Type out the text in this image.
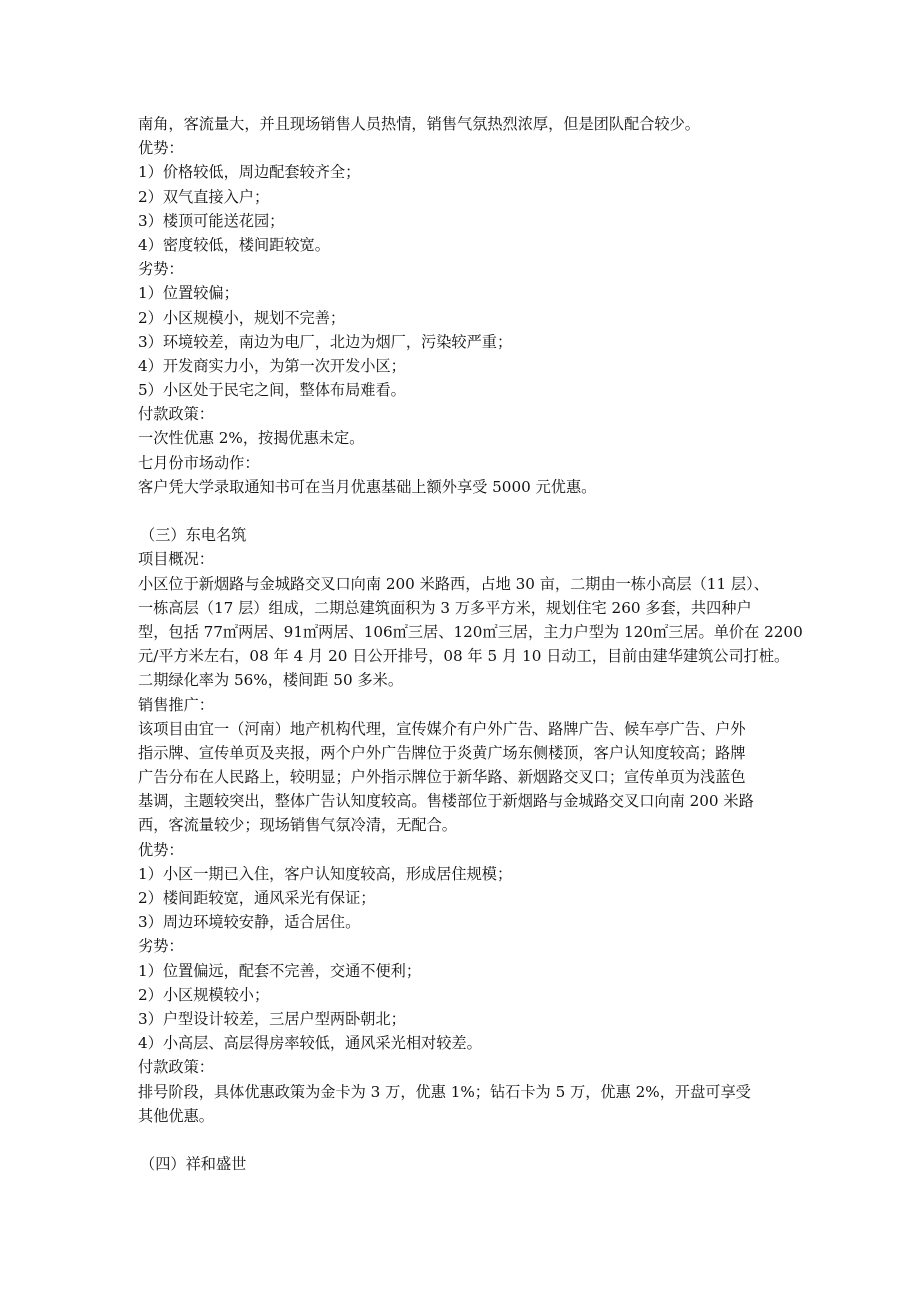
南角，客流量大，并且现场销售人员热情，销售气氛热烈浓厚，但是团队配合较少。
优势：
1）价格较低，周边配套较齐全；
2）双气直接入户；
3）楼顶可能送花园；
4）密度较低，楼间距较宽。
劣势：
1）位置较偏；
2）小区规模小，规划不完善；
3）环境较差，南边为电厂，北边为烟厂，污染较严重；
4）开发商实力小，为第一次开发小区；
5）小区处于民宅之间，整体布局难看。
付款政策：
一次性优惠 2%，按揭优惠未定。
七月份市场动作：
客户凭大学录取通知书可在当月优惠基础上额外享受 5000 元优惠。
（三）东电名筑
项目概况：
小区位于新烟路与金城路交叉口向南 200 米路西，占地 30 亩，二期由一栋小高层（11 层）、
一栋高层（17 层）组成，二期总建筑面积为 3 万多平方米，规划住宅 260 多套，共四种户
型，包括 77㎡两居、91㎡两居、106㎡三居、120㎡三居，主力户型为 120㎡三居。单价在 2200
元/平方米左右，08 年 4 月 20 日公开排号，08 年 5 月 10 日动工，目前由建华建筑公司打桩。
二期绿化率为 56%，楼间距 50 多米。
销售推广：
该项目由宜一（河南）地产机构代理，宣传媒介有户外广告、路牌广告、候车亭广告、户外
指示牌、宣传单页及夹报，两个户外广告牌位于炎黄广场东侧楼顶，客户认知度较高；路牌
广告分布在人民路上，较明显；户外指示牌位于新华路、新烟路交叉口；宣传单页为浅蓝色
基调，主题较突出，整体广告认知度较高。售楼部位于新烟路与金城路交叉口向南 200 米路
西，客流量较少；现场销售气氛冷清，无配合。
优势：
1）小区一期已入住，客户认知度较高，形成居住规模；
2）楼间距较宽，通风采光有保证；
3）周边环境较安静，适合居住。
劣势：
1）位置偏远，配套不完善，交通不便利；
2）小区规模较小；
3）户型设计较差，三居户型两卧朝北；
4）小高层、高层得房率较低，通风采光相对较差。
付款政策：
排号阶段，具体优惠政策为金卡为 3 万，优惠 1%；钻石卡为 5 万，优惠 2%，开盘可享受
其他优惠。
（四）祥和盛世
